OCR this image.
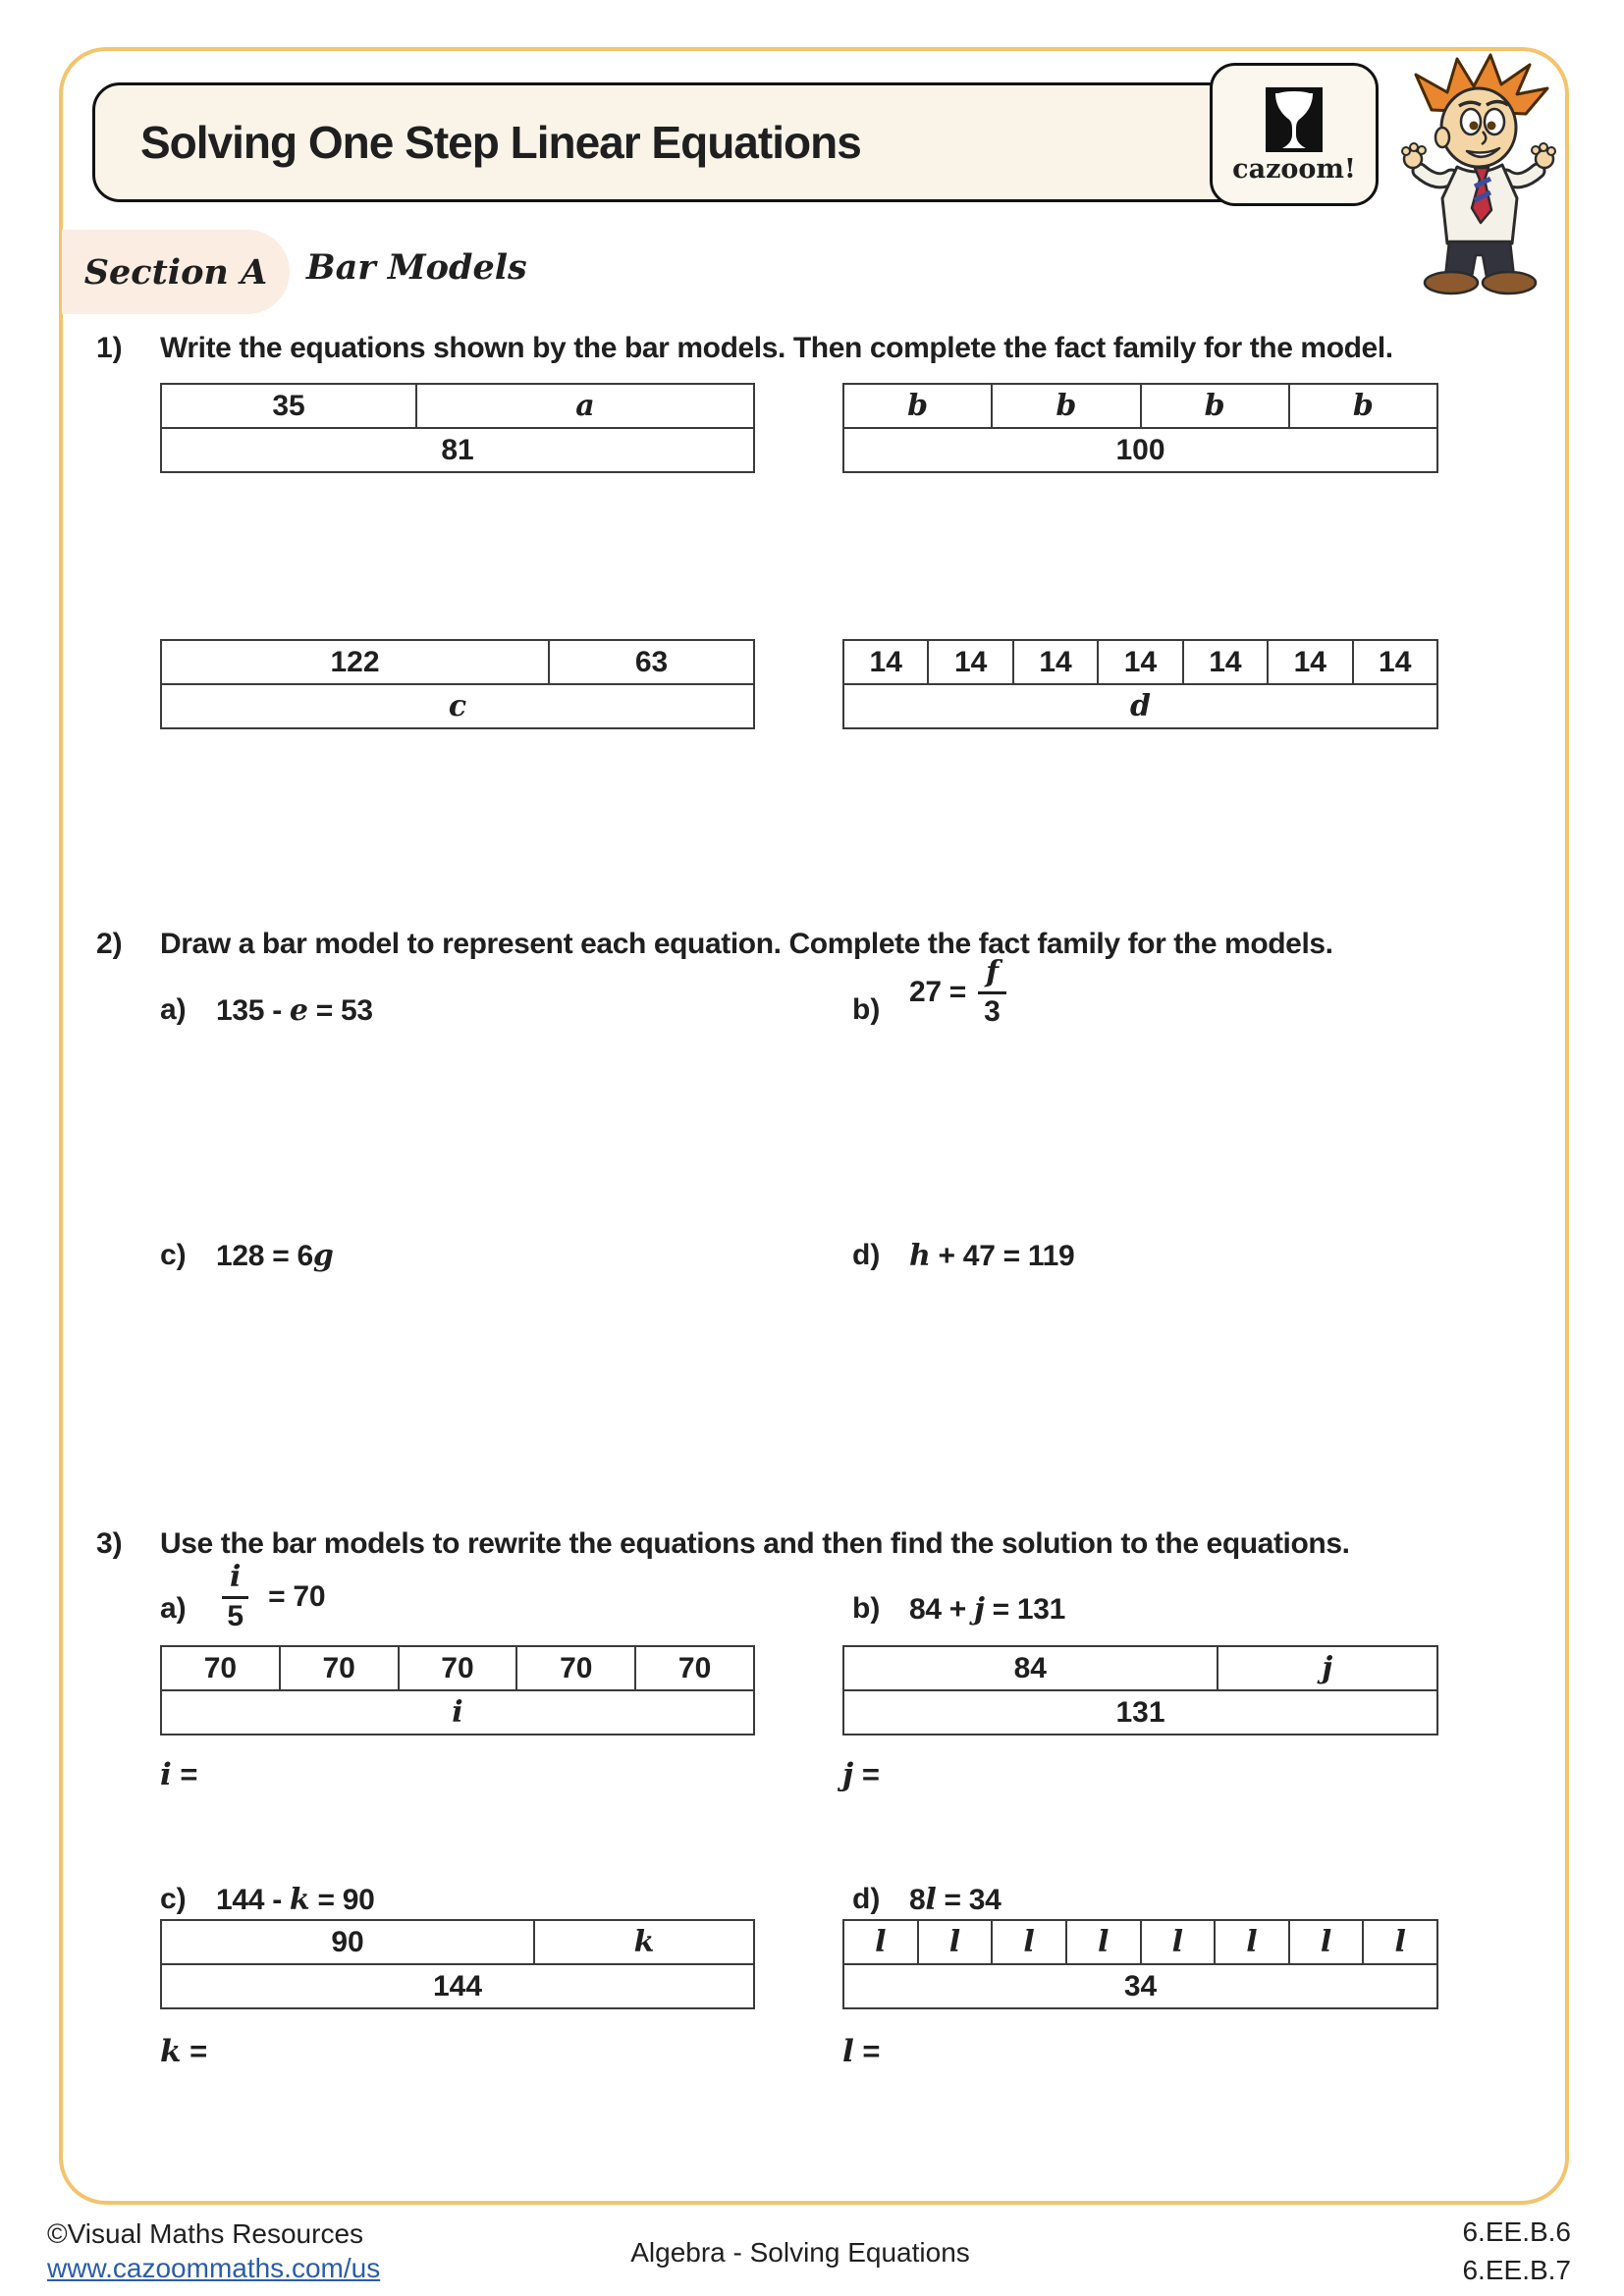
Solving One Step Linear Equations
cazoom!
Section A Bar Models
1) Write the equations shown by the bar models. Then complete the fact family for the model.
35	a
81
b	b	b	b
100
122	63
c
14 14 14 14 14 14 14
d
2) Draw a bar model to represent each equation. Complete the fact family for the models.
a) 135 - e = 53	b)
$27 = \frac{f}{3}$
c) 128 = 6 g	d) h + 47 = 119
3) Use the bar models to rewrite the equations and then find the solution to the equations.
$a) \frac{i}{5} = 70$	b) 84 + j = 131
70	70	70	70	70
i
84	j
131
i =	j =
c) 144 - k = 90	d) 8 l = 34
90	k
144
l l l l l l l l
34
k =	l =
©Visual Maths Resources
www.cazoommaths.com/us
Algebra - Solving Equations
6.EE.B.6
6.EE.B.7
